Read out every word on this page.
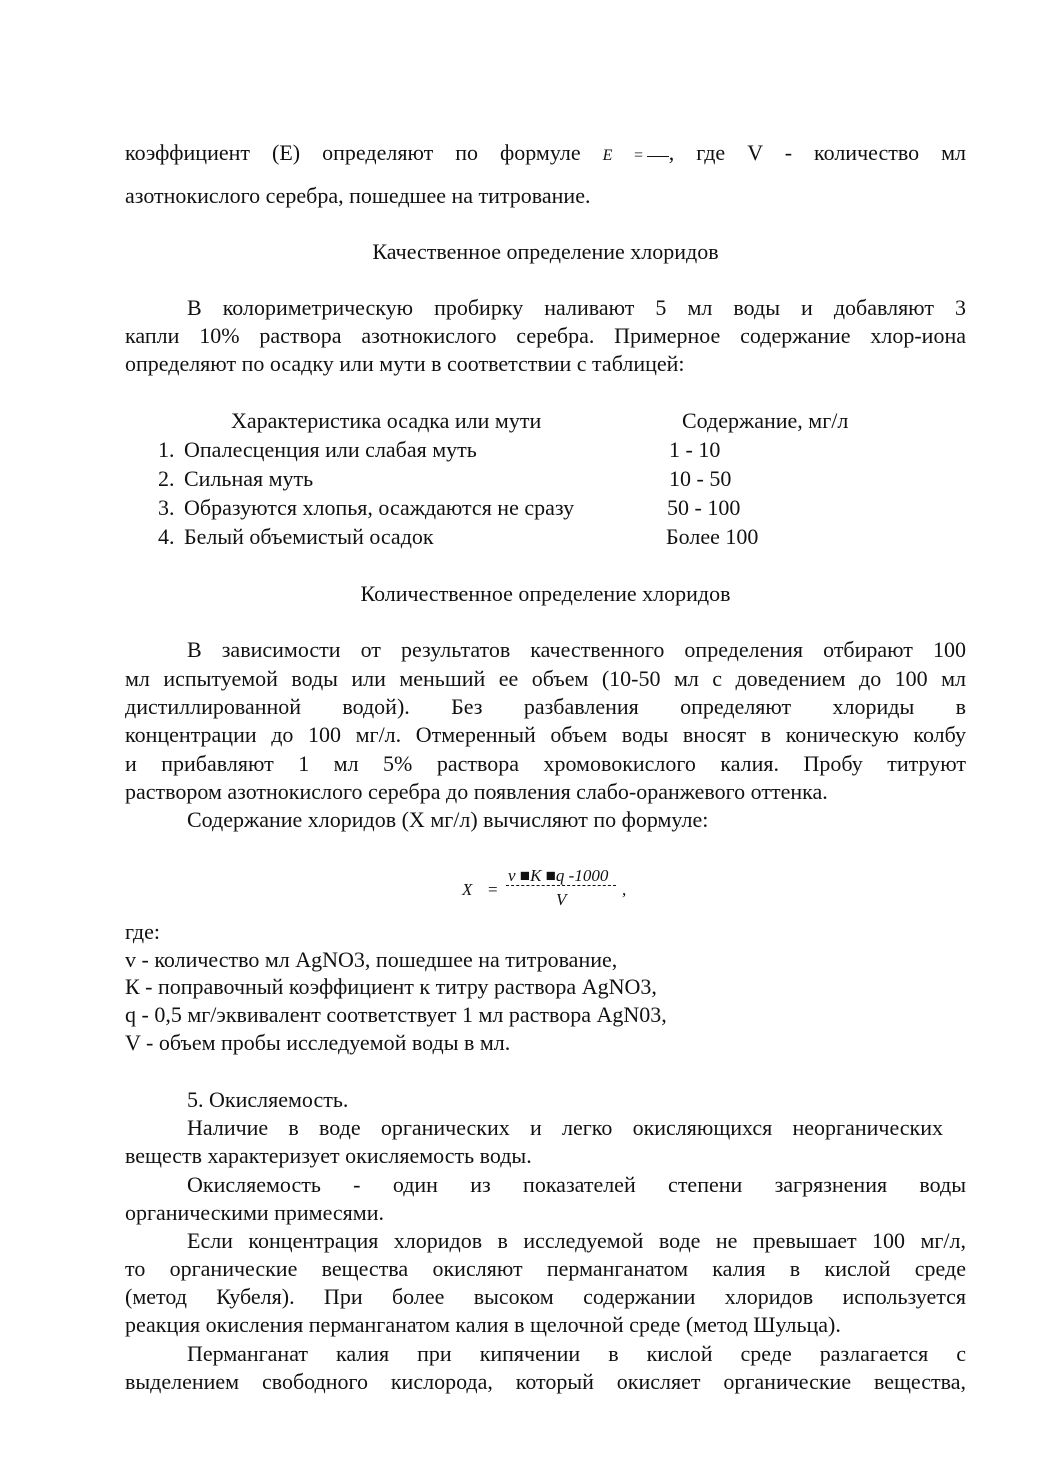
коэффициент (Е) определяют по формуле E = , где V - количество мл
азотнокислого серебра, пошедшее на титрование.
Качественное определение хлоридов
В колориметрическую пробирку наливают 5 мл воды и добавляют 3
капли 10% раствора азотнокислого серебра. Примерное содержание хлор-иона
определяют по осадку или мути в соответствии с таблицей:
Характеристика осадка или мути	Содержание, мг/л
1. Опалесценция или слабая муть	1 - 10
2. Сильная муть	10 - 50
3. Образуются хлопья, осаждаются не сразу	50 - 100
4. Белый объемистый осадок	Более 100
Количественное определение хлоридов
В зависимости от результатов качественного определения отбирают 100
мл испытуемой воды или меньший ее объем (10-50 мл с доведением до 100 мл
дистиллированной водой). Без разбавления определяют хлориды в
концентрации до 100 мг/л. Отмеренный объем воды вносят в коническую колбу
и прибавляют 1 мл 5% раствора хромовокислого калия. Пробу титруют
раствором азотнокислого серебра до появления слабо-оранжевого оттенка.
Содержание хлоридов (Х мг/л) вычисляют по формуле:
X =
v ■K ■q -1000
V
,
где:
v - количество мл AgNO3, пошедшее на титрование,
К - поправочный коэффициент к титру раствора AgNO3,
q - 0,5 мг/эквивалент соответствует 1 мл раствора AgN03,
V - объем пробы исследуемой воды в мл.
5. Окисляемость.
Наличие в воде органических и легко окисляющихся неорганических
веществ характеризует окисляемость воды.
Окисляемость - один из показателей степени загрязнения воды
органическими примесями.
Если концентрация хлоридов в исследуемой воде не превышает 100 мг/л,
то органические вещества окисляют перманганатом калия в кислой среде
(метод Кубеля). При более высоком содержании хлоридов используется
реакция окисления перманганатом калия в щелочной среде (метод Шульца).
Перманганат калия при кипячении в кислой среде разлагается с
выделением свободного кислорода, который окисляет органические вещества,
